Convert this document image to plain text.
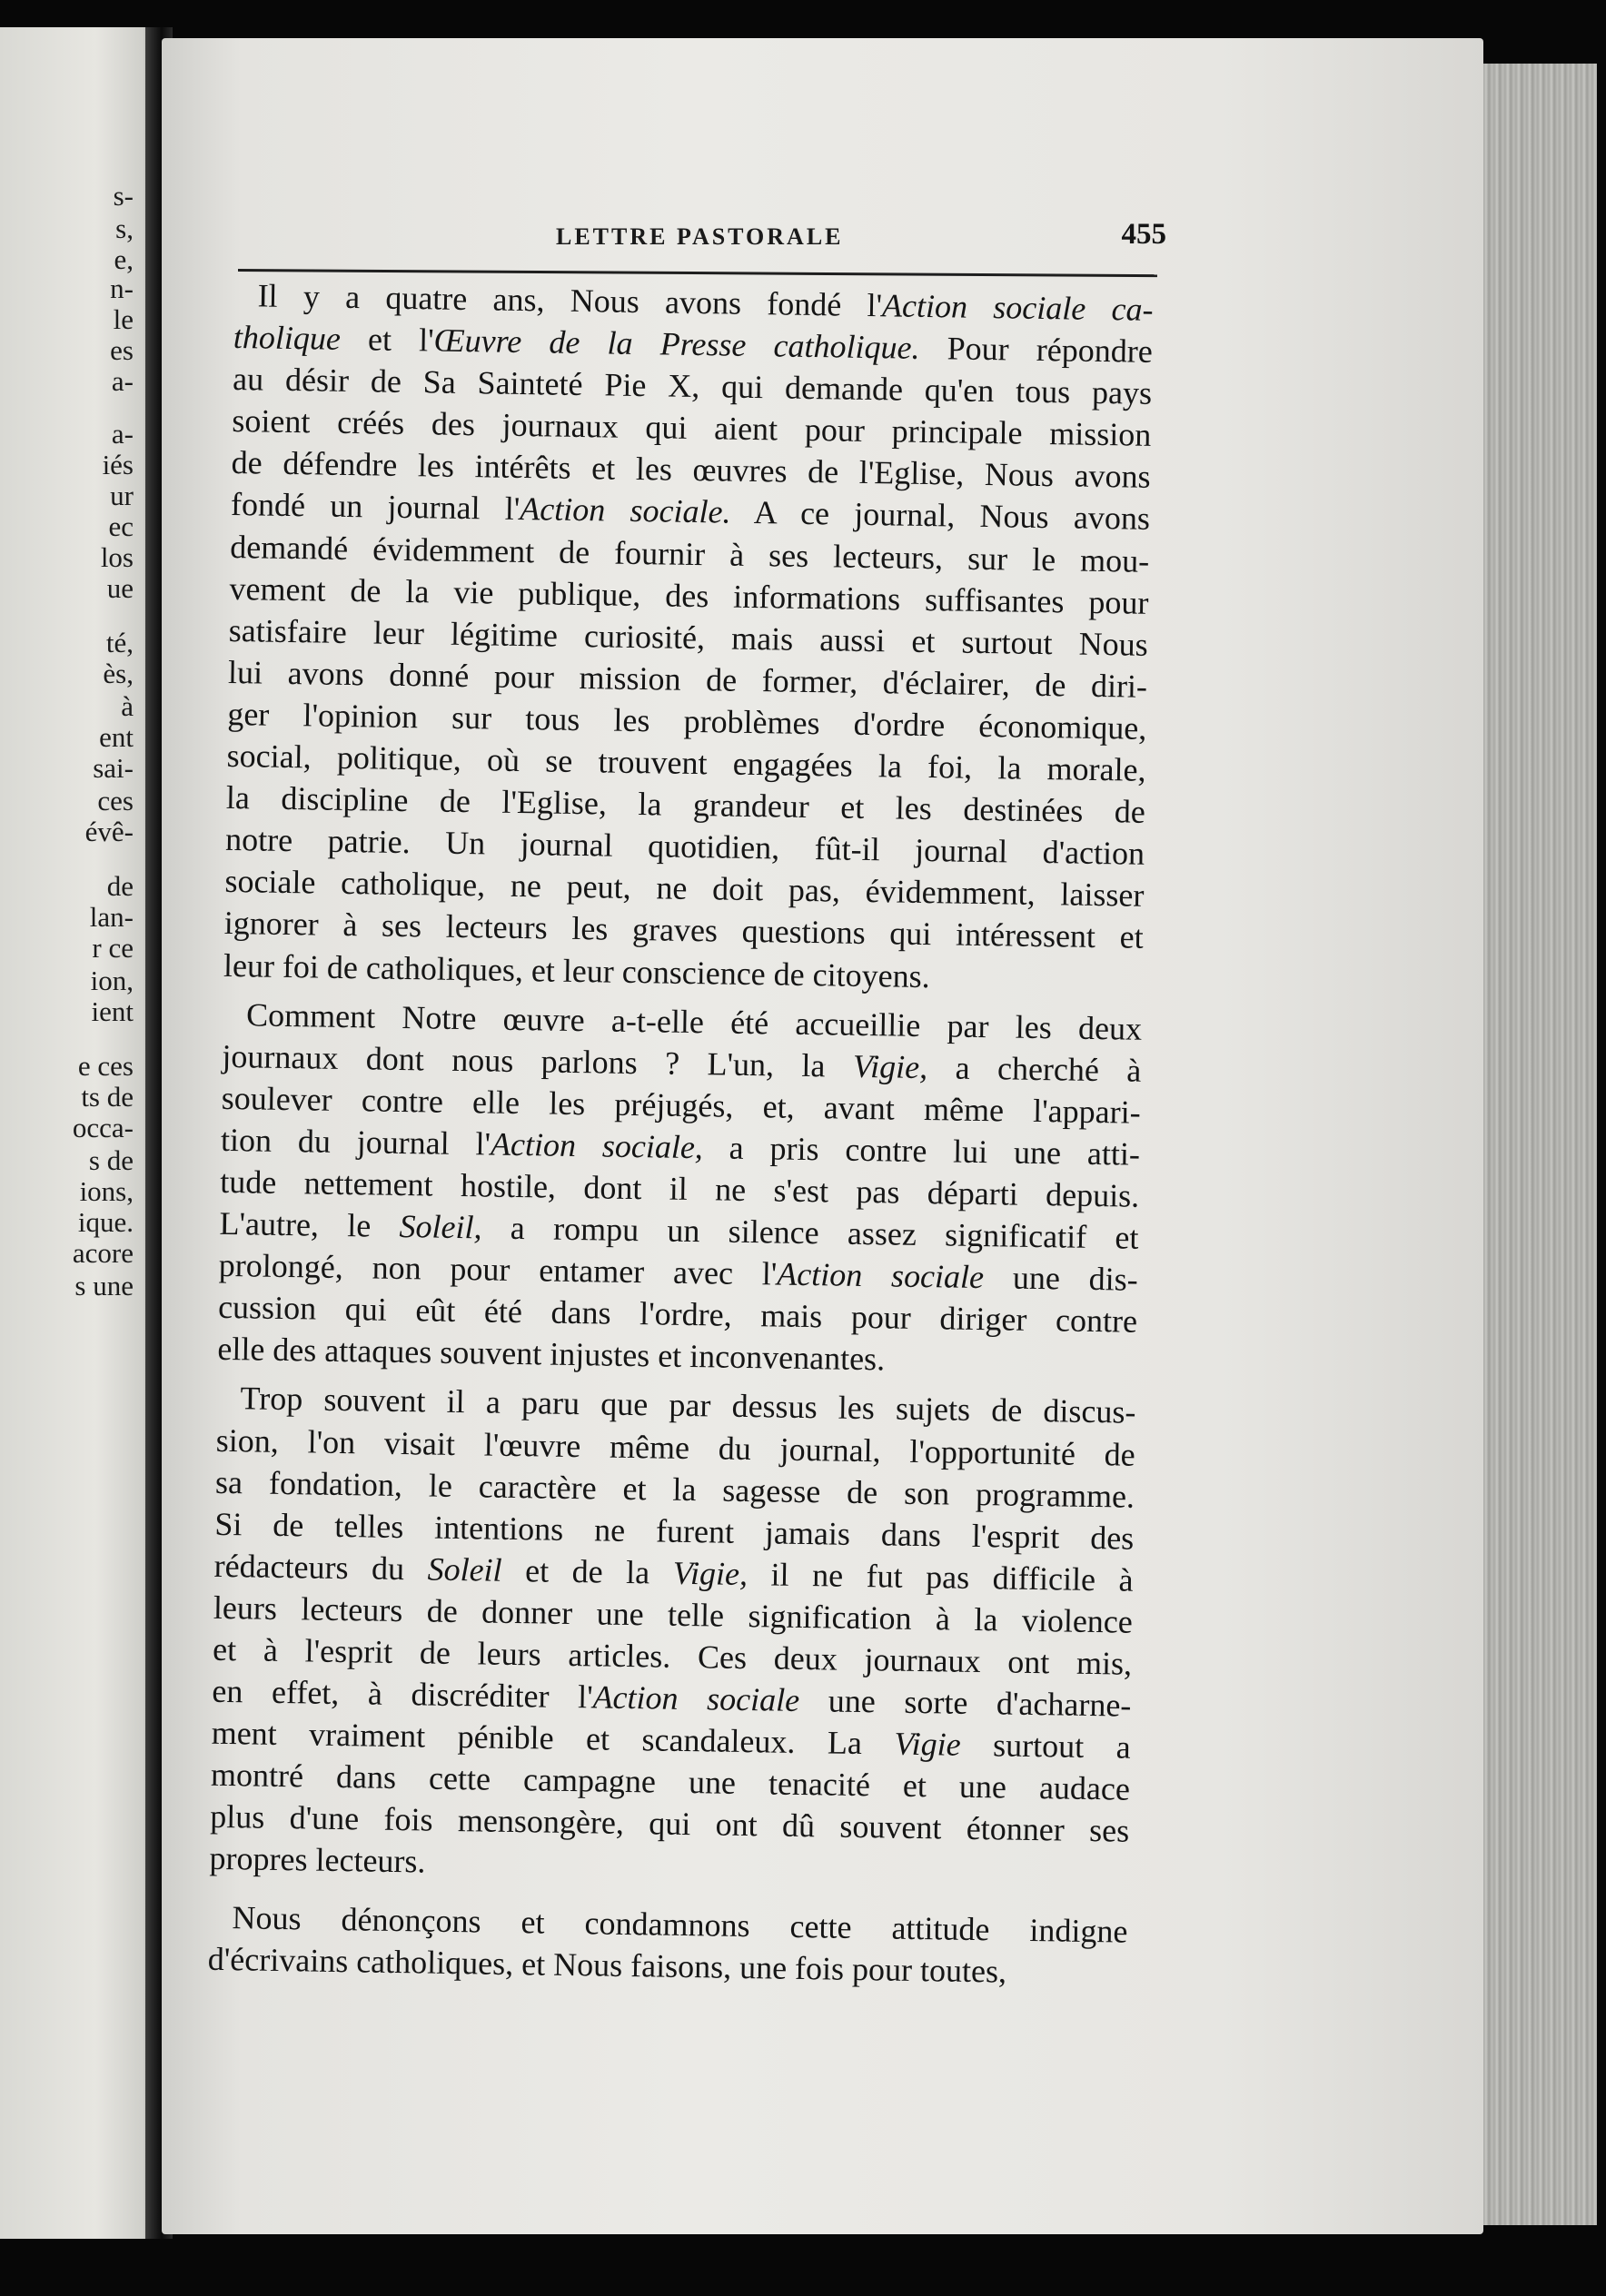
s-
s,
e,
n-
le
es
a-
a-
iés
ur
ec
los
ue
té,
ès,
à
ent
sai-
ces
évê-
de
lan-
r ce
ion,
ient
e ces
ts de
occa-
s de
ions,
ique.
acore
s une
LETTRE PASTORALE	455
Il y a quatre ans, Nous avons fondé l'Action sociale ca-
tholique et l'Œuvre de la Presse catholique. Pour répondre
au désir de Sa Sainteté Pie X, qui demande qu'en tous pays
soient créés des journaux qui aient pour principale mission
de défendre les intérêts et les œuvres de l'Eglise, Nous avons
fondé un journal l'Action sociale. A ce journal, Nous avons
demandé évidemment de fournir à ses lecteurs, sur le mou-
vement de la vie publique, des informations suffisantes pour
satisfaire leur légitime curiosité, mais aussi et surtout Nous
lui avons donné pour mission de former, d'éclairer, de diri-
ger l'opinion sur tous les problèmes d'ordre économique,
social, politique, où se trouvent engagées la foi, la morale,
la discipline de l'Eglise, la grandeur et les destinées de
notre patrie. Un journal quotidien, fût-il journal d'action
sociale catholique, ne peut, ne doit pas, évidemment, laisser
ignorer à ses lecteurs les graves questions qui intéressent et
leur foi de catholiques, et leur conscience de citoyens.
Comment Notre œuvre a-t-elle été accueillie par les deux
journaux dont nous parlons ? L'un, la Vigie, a cherché à
soulever contre elle les préjugés, et, avant même l'appari-
tion du journal l'Action sociale, a pris contre lui une atti-
tude nettement hostile, dont il ne s'est pas départi depuis.
L'autre, le Soleil, a rompu un silence assez significatif et
prolongé, non pour entamer avec l'Action sociale une dis-
cussion qui eût été dans l'ordre, mais pour diriger contre
elle des attaques souvent injustes et inconvenantes.
Trop souvent il a paru que par dessus les sujets de discus-
sion, l'on visait l'œuvre même du journal, l'opportunité de
sa fondation, le caractère et la sagesse de son programme.
Si de telles intentions ne furent jamais dans l'esprit des
rédacteurs du Soleil et de la Vigie, il ne fut pas difficile à
leurs lecteurs de donner une telle signification à la violence
et à l'esprit de leurs articles. Ces deux journaux ont mis,
en effet, à discréditer l'Action sociale une sorte d'acharne-
ment vraiment pénible et scandaleux. La Vigie surtout a
montré dans cette campagne une tenacité et une audace
plus d'une fois mensongère, qui ont dû souvent étonner ses
propres lecteurs.
Nous dénonçons et condamnons cette attitude indigne
d'écrivains catholiques, et Nous faisons, une fois pour toutes,
